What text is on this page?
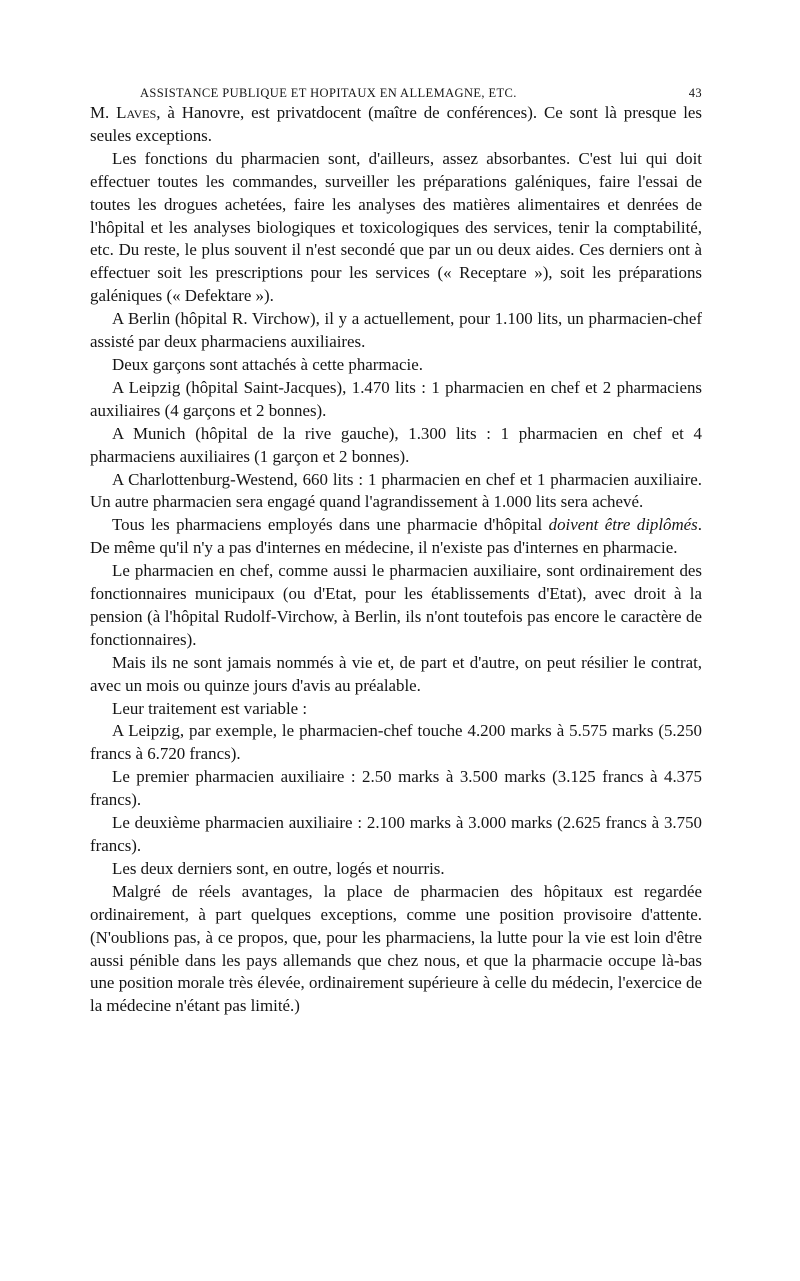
ASSISTANCE PUBLIQUE ET HOPITAUX EN ALLEMAGNE, ETC.	43

M. Laves, à Hanovre, est privatdocent (maître de conférences). Ce sont là presque les seules exceptions.

Les fonctions du pharmacien sont, d'ailleurs, assez absorbantes. C'est lui qui doit effectuer toutes les commandes, surveiller les préparations galéniques, faire l'essai de toutes les drogues achetées, faire les analyses des matières alimentaires et denrées de l'hôpital et les analyses biologiques et toxicologiques des services, tenir la comptabilité, etc. Du reste, le plus souvent il n'est secondé que par un ou deux aides. Ces derniers ont à effectuer soit les prescriptions pour les services (« Receptare »), soit les préparations galéniques (« Defektare »).

A Berlin (hôpital R. Virchow), il y a actuellement, pour 1.100 lits, un pharmacien-chef assisté par deux pharmaciens auxiliaires.

Deux garçons sont attachés à cette pharmacie.

A Leipzig (hôpital Saint-Jacques), 1.470 lits : 1 pharmacien en chef et 2 pharmaciens auxiliaires (4 garçons et 2 bonnes).

A Munich (hôpital de la rive gauche), 1.300 lits : 1 pharmacien en chef et 4 pharmaciens auxiliaires (1 garçon et 2 bonnes).

A Charlottenburg-Westend, 660 lits : 1 pharmacien en chef et 1 pharmacien auxiliaire. Un autre pharmacien sera engagé quand l'agrandissement à 1.000 lits sera achevé.

Tous les pharmaciens employés dans une pharmacie d'hôpital doivent être diplômés. De même qu'il n'y a pas d'internes en médecine, il n'existe pas d'internes en pharmacie.

Le pharmacien en chef, comme aussi le pharmacien auxiliaire, sont ordinairement des fonctionnaires municipaux (ou d'Etat, pour les établissements d'Etat), avec droit à la pension (à l'hôpital Rudolf-Virchow, à Berlin, ils n'ont toutefois pas encore le caractère de fonctionnaires).

Mais ils ne sont jamais nommés à vie et, de part et d'autre, on peut résilier le contrat, avec un mois ou quinze jours d'avis au préalable.

Leur traitement est variable :

A Leipzig, par exemple, le pharmacien-chef touche 4.200 marks à 5.575 marks (5.250 francs à 6.720 francs).

Le premier pharmacien auxiliaire : 2.50 marks à 3.500 marks (3.125 francs à 4.375 francs).

Le deuxième pharmacien auxiliaire : 2.100 marks à 3.000 marks (2.625 francs à 3.750 francs).

Les deux derniers sont, en outre, logés et nourris.

Malgré de réels avantages, la place de pharmacien des hôpitaux est regardée ordinairement, à part quelques exceptions, comme une position provisoire d'attente. (N'oublions pas, à ce propos, que, pour les pharmaciens, la lutte pour la vie est loin d'être aussi pénible dans les pays allemands que chez nous, et que la pharmacie occupe là-bas une position morale très élevée, ordinairement supérieure à celle du médecin, l'exercice de la médecine n'étant pas limité.)
